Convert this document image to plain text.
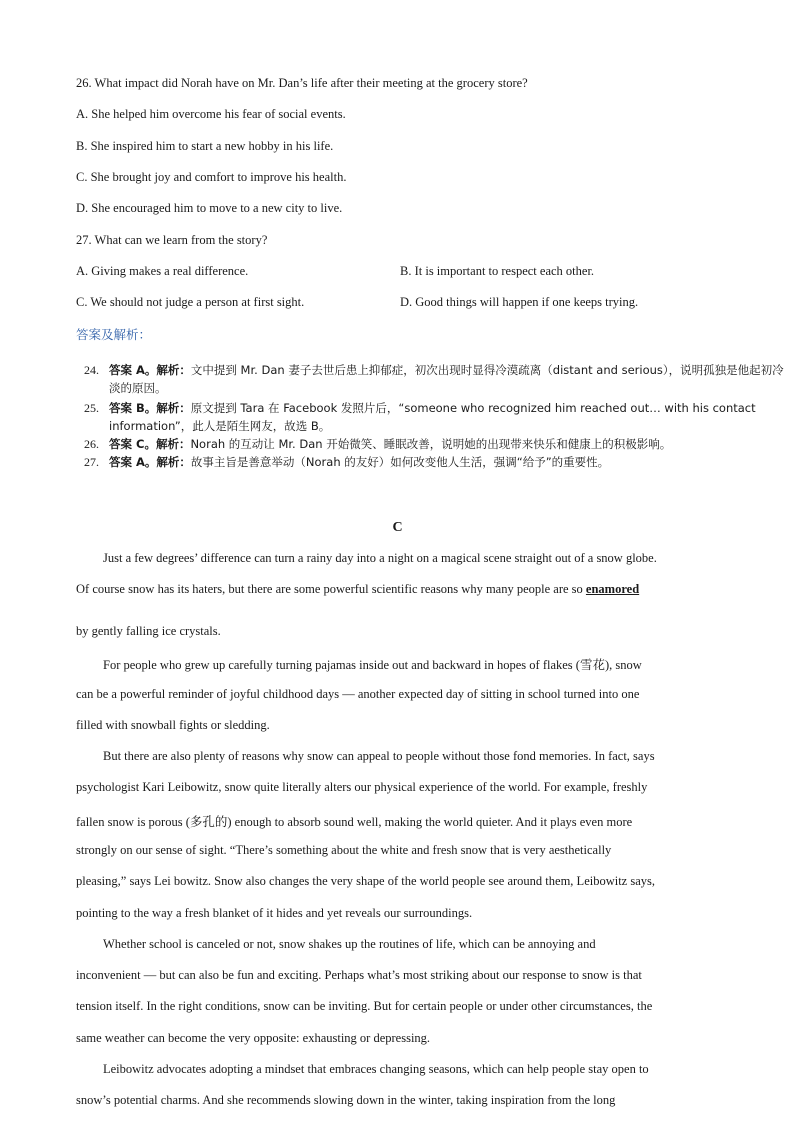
26. What impact did Norah have on Mr. Dan’s life after their meeting at the grocery store?
A. She helped him overcome his fear of social events.
B. She inspired him to start a new hobby in his life.
C. She brought joy and comfort to improve his health.
D. She encouraged him to move to a new city to live.
27. What can we learn from the story?
A. Giving makes a real difference.	B. It is important to respect each other.
C. We should not judge a person at first sight.	D. Good things will happen if one keeps trying.
答案及解析：
24. 答案 A。解析：文中提到 Mr. Dan 妻子去世后患上抑郁症，初次出现时显得冷漠疏离（distant and serious），说明孤独是他起初冷淡的原因。
25. 答案 B。解析：原文提到 Tara 在 Facebook 发照片后，“someone who recognized him reached out… with his contact information”，此人是陌生网友，故选 B。
26. 答案 C。解析：Norah 的互动让 Mr. Dan 开始微笑、睡眠改善，说明她的出现带来快乐和健康上的积极影响。
27. 答案 A。解析：故事主旨是善意举动（Norah 的友好）如何改变他人生活，强调“给予”的重要性。
C
Just a few degrees’ difference can turn a rainy day into a night on a magical scene straight out of a snow globe.
Of course snow has its haters, but there are some powerful scientific reasons why many people are so enamored
by gently falling ice crystals.
For people who grew up carefully turning pajamas inside out and backward in hopes of flakes (雪花), snow
can be a powerful reminder of joyful childhood days — another expected day of sitting in school turned into one
filled with snowball fights or sledding.
But there are also plenty of reasons why snow can appeal to people without those fond memories. In fact, says
psychologist Kari Leibowitz, snow quite literally alters our physical experience of the world. For example, freshly
fallen snow is porous (多孔的) enough to absorb sound well, making the world quieter. And it plays even more
strongly on our sense of sight. “There’s something about the white and fresh snow that is very aesthetically
pleasing,” says Lei bowitz. Snow also changes the very shape of the world people see around them, Leibowitz says,
pointing to the way a fresh blanket of it hides and yet reveals our surroundings.
Whether school is canceled or not, snow shakes up the routines of life, which can be annoying and
inconvenient — but can also be fun and exciting. Perhaps what’s most striking about our response to snow is that
tension itself. In the right conditions, snow can be inviting. But for certain people or under other circumstances, the
same weather can become the very opposite: exhausting or depressing.
Leibowitz advocates adopting a mindset that embraces changing seasons, which can help people stay open to
snow’s potential charms. And she recommends slowing down in the winter, taking inspiration from the long
